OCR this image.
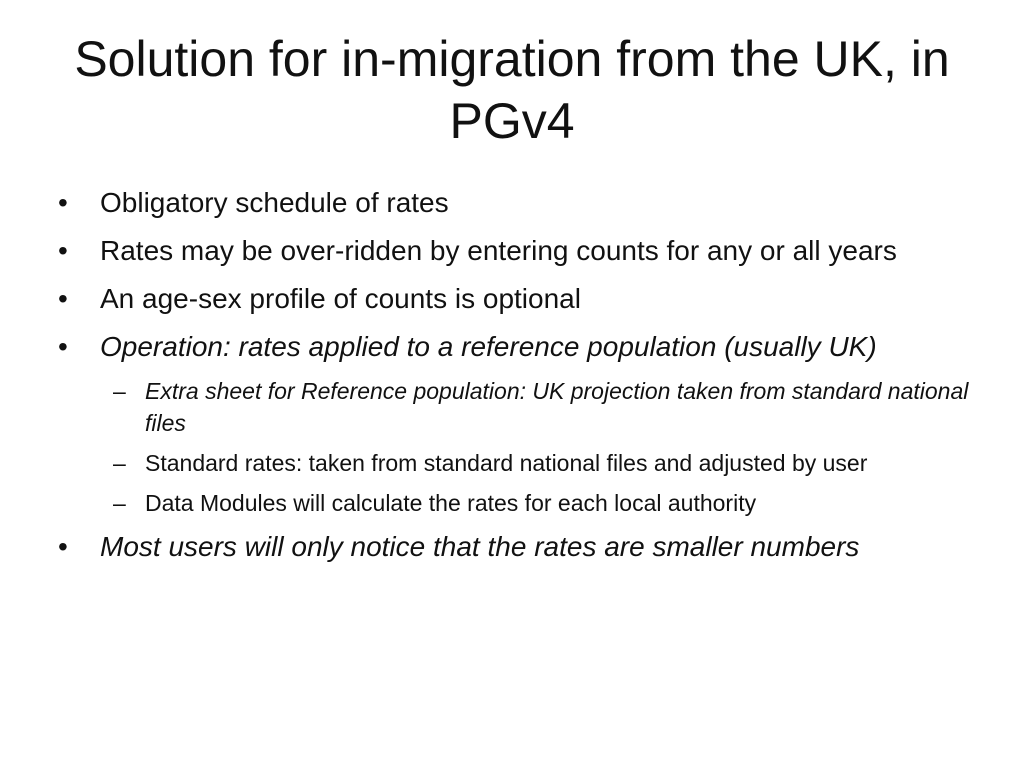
Solution for in-migration from the UK, in PGv4
•	Obligatory schedule of rates
•	Rates may be over-ridden by entering counts for any or all years
•	An age-sex profile of counts is optional
•	Operation: rates applied to a reference population (usually UK)
– Extra sheet for Reference population: UK projection taken from standard national files
– Standard rates: taken from standard national files and adjusted by user
– Data Modules will calculate the rates for each local authority
•	Most users will only notice that the rates are smaller numbers
